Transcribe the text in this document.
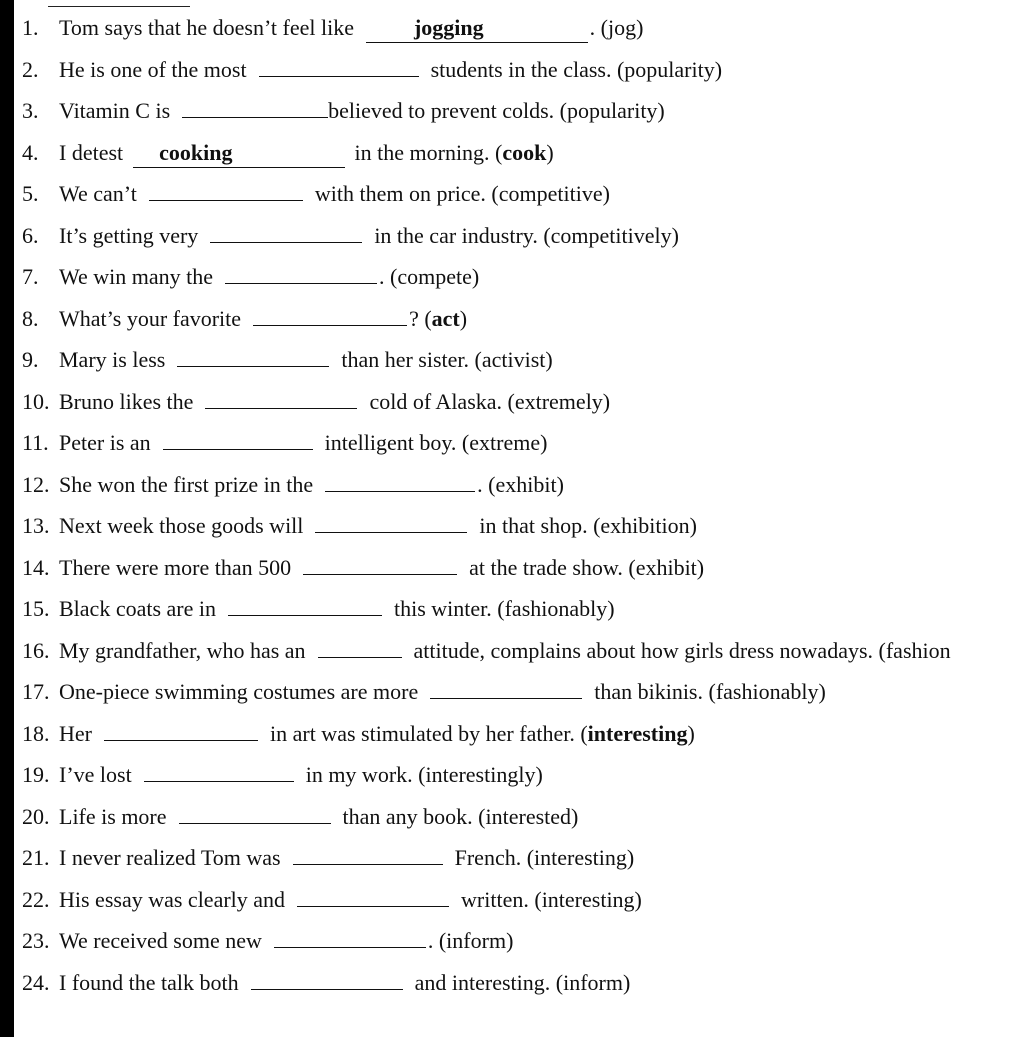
1. Tom says that he doesn’t feel like	jogging	. (jog)
2. He is one of the most	students in the class. (popularity)
3. Vitamin C is	believed to prevent colds. (popularity)
4. I detest cooking	in the morning. (cook)
5. We can’t	with them on price. (competitive)
6. It’s getting very	in the car industry. (competitively)
7. We win many the	. (compete)
8. What’s your favorite	? (act)
9. Mary is less	than her sister. (activist)
10. Bruno likes the	cold of Alaska. (extremely)
11. Peter is an	intelligent boy. (extreme)
12. She won the first prize in the	. (exhibit)
13. Next week those goods will	in that shop. (exhibition)
14. There were more than 500	at the trade show. (exhibit)
15. Black coats are in	this winter. (fashionably)
16. My grandfather, who has an	attitude, complains about how girls dress nowadays. (fashion
17. One-piece swimming costumes are more	than bikinis. (fashionably)
18. Her	in art was stimulated by her father. (interesting)
19. I’ve lost	in my work. (interestingly)
20. Life is more	than any book. (interested)
21. I never realized Tom was	French. (interesting)
22. His essay was clearly and	written. (interesting)
23. We received some new	. (inform)
24. I found the talk both	and interesting. (inform)
